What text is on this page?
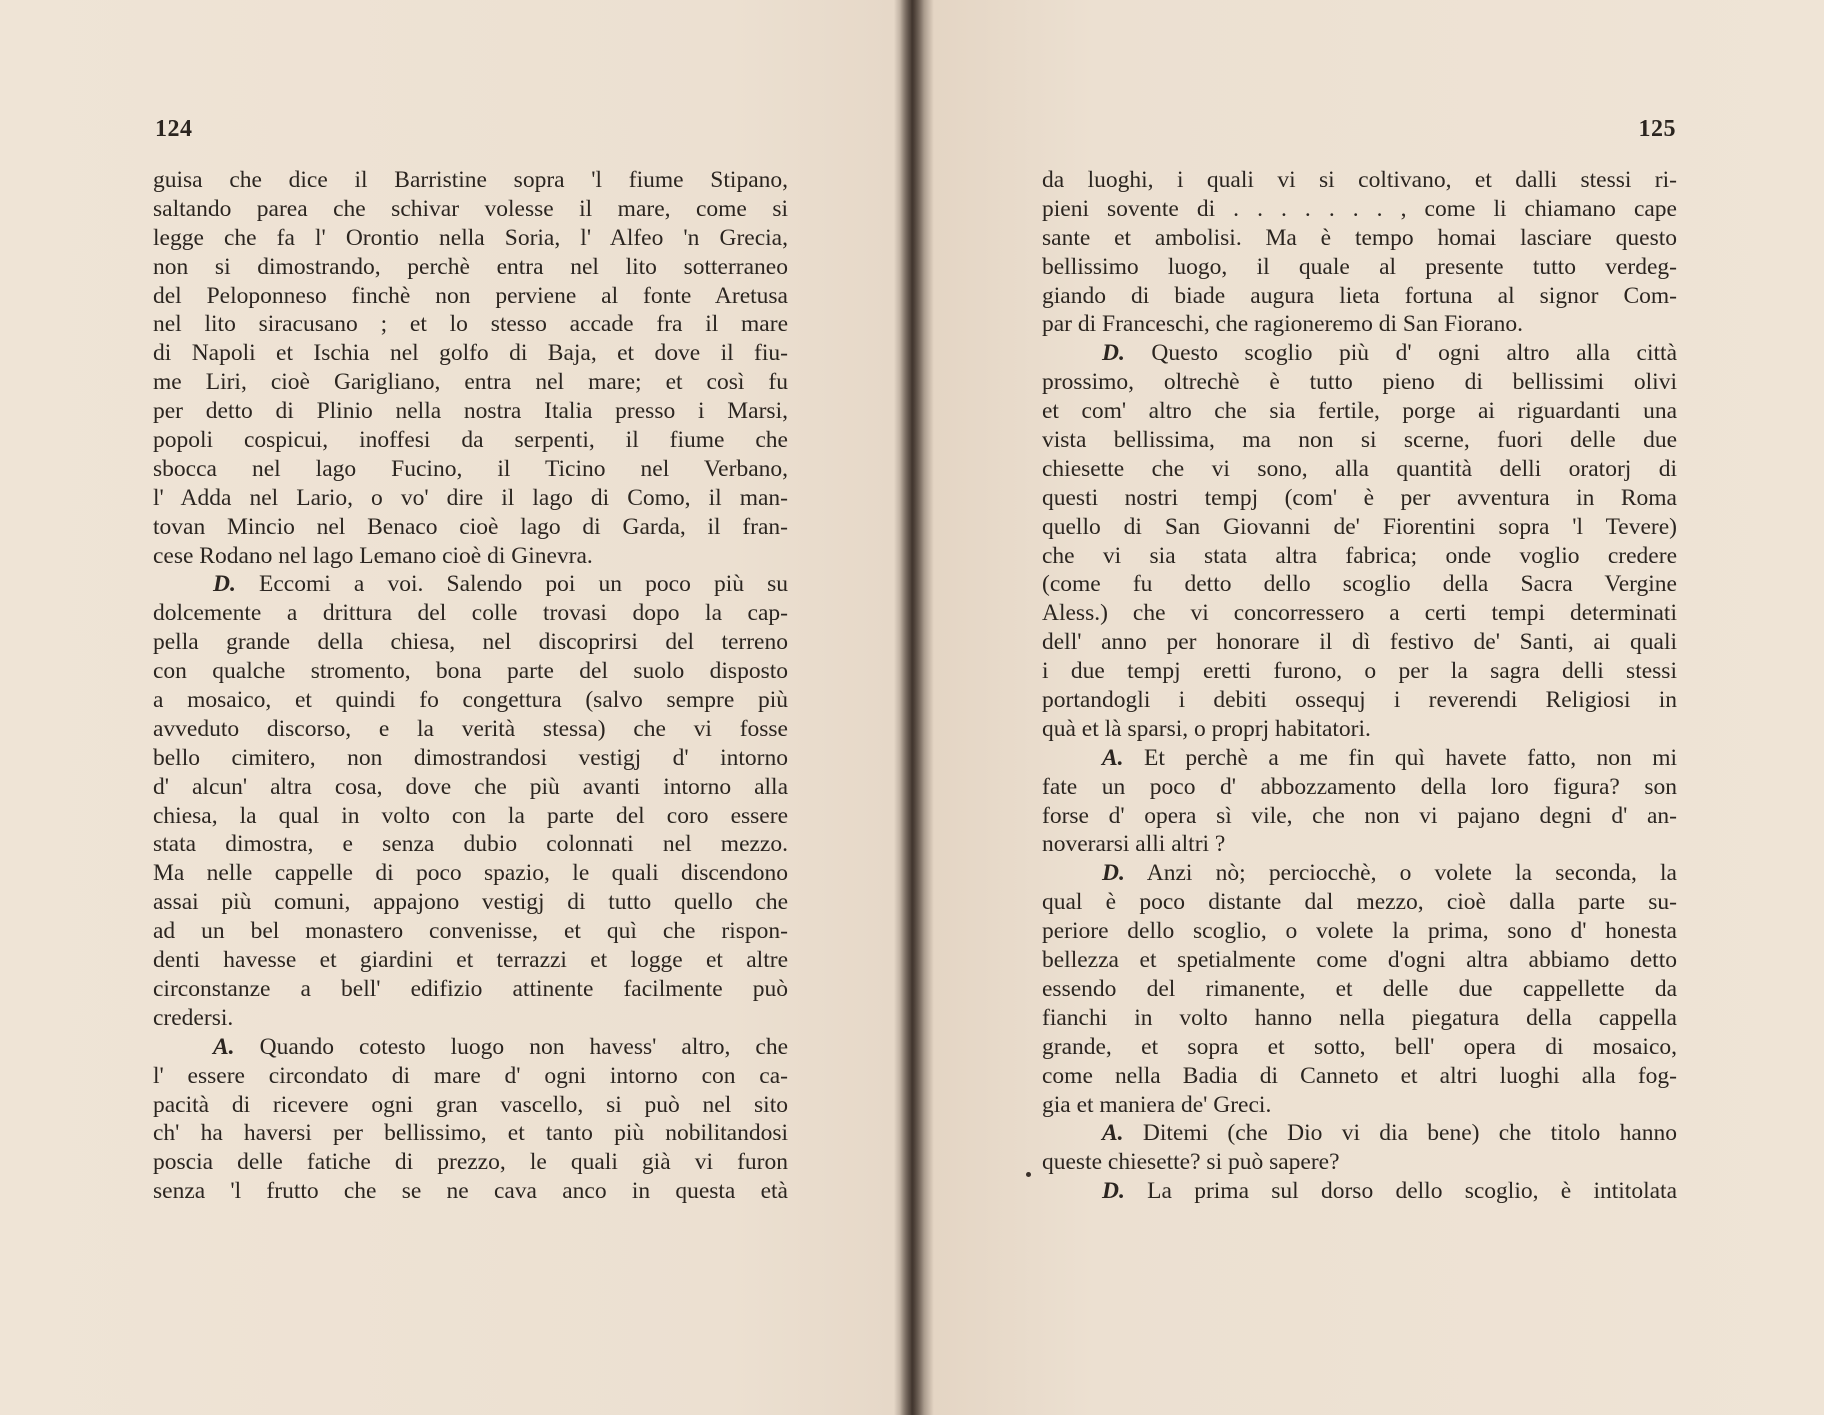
124
guisa che dice il Barristine sopra 'l fiume Stipano,
saltando parea che schivar volesse il mare, come si
legge che fa l' Orontio nella Soria, l' Alfeo 'n Grecia,
non si dimostrando, perchè entra nel lito sotterraneo
del Peloponneso finchè non perviene al fonte Aretusa
nel lito siracusano ; et lo stesso accade fra il mare
di Napoli et Ischia nel golfo di Baja, et dove il fiu-
me Liri, cioè Garigliano, entra nel mare; et così fu
per detto di Plinio nella nostra Italia presso i Marsi,
popoli cospicui, inoffesi da serpenti, il fiume che
sbocca nel lago Fucino, il Ticino nel Verbano,
l' Adda nel Lario, o vo' dire il lago di Como, il man-
tovan Mincio nel Benaco cioè lago di Garda, il fran-
cese Rodano nel lago Lemano cioè di Ginevra.
D. Eccomi a voi. Salendo poi un poco più su
dolcemente a drittura del colle trovasi dopo la cap-
pella grande della chiesa, nel discoprirsi del terreno
con qualche stromento, bona parte del suolo disposto
a mosaico, et quindi fo congettura (salvo sempre più
avveduto discorso, e la verità stessa) che vi fosse
bello cimitero, non dimostrandosi vestigj d' intorno
d' alcun' altra cosa, dove che più avanti intorno alla
chiesa, la qual in volto con la parte del coro essere
stata dimostra, e senza dubio colonnati nel mezzo.
Ma nelle cappelle di poco spazio, le quali discendono
assai più comuni, appajono vestigj di tutto quello che
ad un bel monastero convenisse, et quì che rispon-
denti havesse et giardini et terrazzi et logge et altre
circonstanze a bell' edifizio attinente facilmente può
credersi.
A. Quando cotesto luogo non havess' altro, che
l' essere circondato di mare d' ogni intorno con ca-
pacità di ricevere ogni gran vascello, si può nel sito
ch' ha haversi per bellissimo, et tanto più nobilitandosi
poscia delle fatiche di prezzo, le quali già vi furon
senza 'l frutto che se ne cava anco in questa età
125
da luoghi, i quali vi si coltivano, et dalli stessi ri-
pieni sovente di . . . . . . . , come li chiamano cape
sante et ambolisi. Ma è tempo homai lasciare questo
bellissimo luogo, il quale al presente tutto verdeg-
giando di biade augura lieta fortuna al signor Com-
par di Franceschi, che ragioneremo di San Fiorano.
D. Questo scoglio più d' ogni altro alla città
prossimo, oltrechè è tutto pieno di bellissimi olivi
et com' altro che sia fertile, porge ai riguardanti una
vista bellissima, ma non si scerne, fuori delle due
chiesette che vi sono, alla quantità delli oratorj di
questi nostri tempj (com' è per avventura in Roma
quello di San Giovanni de' Fiorentini sopra 'l Tevere)
che vi sia stata altra fabrica; onde voglio credere
(come fu detto dello scoglio della Sacra Vergine
Aless.) che vi concorressero a certi tempi determinati
dell' anno per honorare il dì festivo de' Santi, ai quali
i due tempj eretti furono, o per la sagra delli stessi
portandogli i debiti ossequj i reverendi Religiosi in
quà et là sparsi, o proprj habitatori.
A. Et perchè a me fin quì havete fatto, non mi
fate un poco d' abbozzamento della loro figura? son
forse d' opera sì vile, che non vi pajano degni d' an-
noverarsi alli altri ?
D. Anzi nò; perciocchè, o volete la seconda, la
qual è poco distante dal mezzo, cioè dalla parte su-
periore dello scoglio, o volete la prima, sono d' honesta
bellezza et spetialmente come d'ogni altra abbiamo detto
essendo del rimanente, et delle due cappellette da
fianchi in volto hanno nella piegatura della cappella
grande, et sopra et sotto, bell' opera di mosaico,
come nella Badia di Canneto et altri luoghi alla fog-
gia et maniera de' Greci.
A. Ditemi (che Dio vi dia bene) che titolo hanno
queste chiesette? si può sapere?
D. La prima sul dorso dello scoglio, è intitolata
